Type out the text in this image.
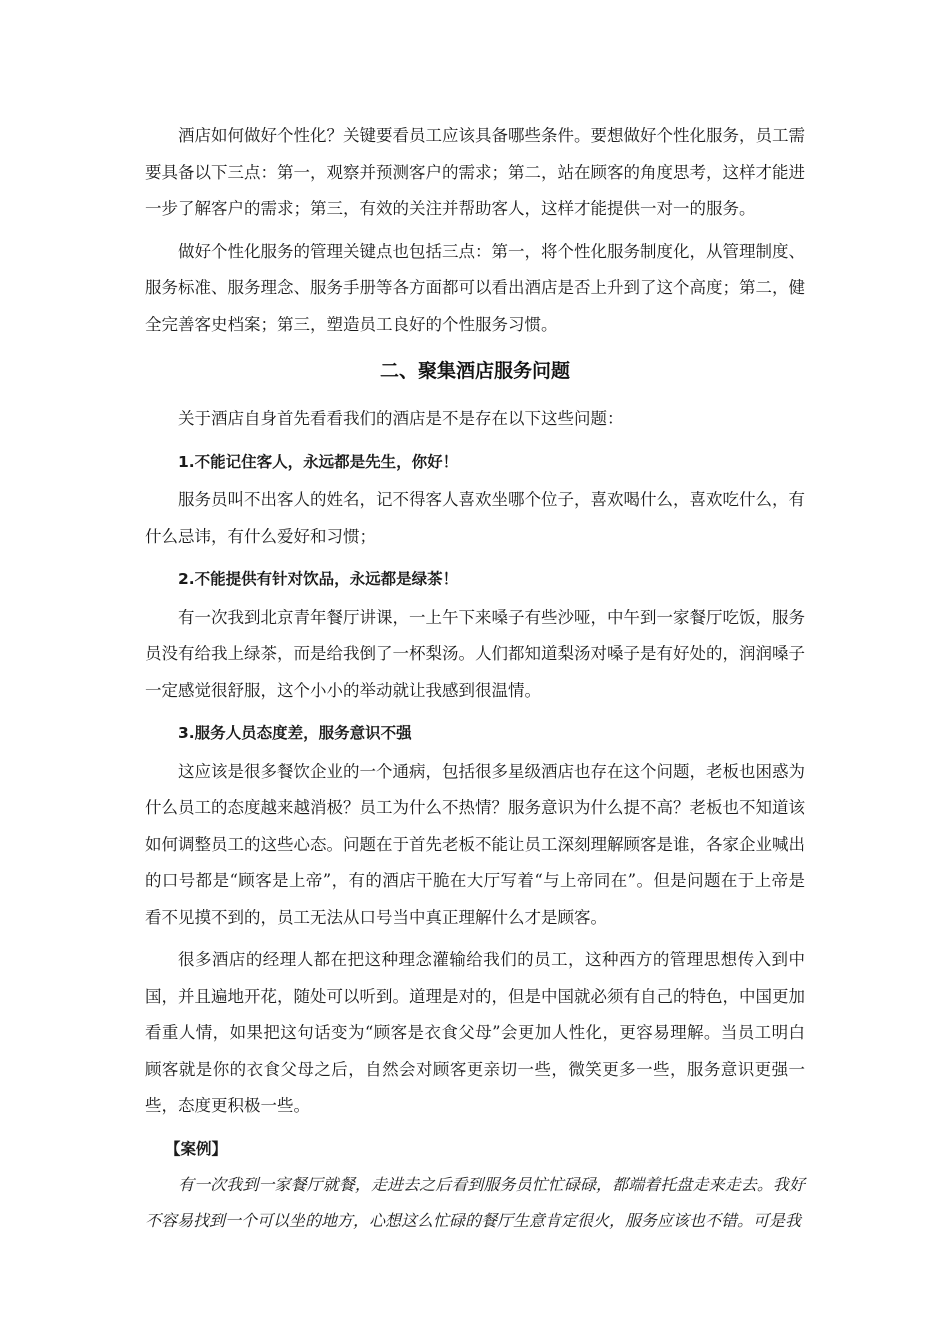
酒店如何做好个性化？关键要看员工应该具备哪些条件。要想做好个性化服务，员工需要具备以下三点：第一，观察并预测客户的需求；第二，站在顾客的角度思考，这样才能进一步了解客户的需求；第三，有效的关注并帮助客人，这样才能提供一对一的服务。

做好个性化服务的管理关键点也包括三点：第一，将个性化服务制度化，从管理制度、服务标准、服务理念、服务手册等各方面都可以看出酒店是否上升到了这个高度；第二，健全完善客史档案；第三，塑造员工良好的个性服务习惯。

二、聚集酒店服务问题

关于酒店自身首先看看我们的酒店是不是存在以下这些问题：

1.不能记住客人，永远都是先生，你好！

服务员叫不出客人的姓名，记不得客人喜欢坐哪个位子，喜欢喝什么，喜欢吃什么，有什么忌讳，有什么爱好和习惯；

2.不能提供有针对饮品，永远都是绿茶！

有一次我到北京青年餐厅讲课，一上午下来嗓子有些沙哑，中午到一家餐厅吃饭，服务员没有给我上绿茶，而是给我倒了一杯梨汤。人们都知道梨汤对嗓子是有好处的，润润嗓子一定感觉很舒服，这个小小的举动就让我感到很温情。

3.服务人员态度差，服务意识不强

这应该是很多餐饮企业的一个通病，包括很多星级酒店也存在这个问题，老板也困惑为什么员工的态度越来越消极？员工为什么不热情？服务意识为什么提不高？老板也不知道该如何调整员工的这些心态。问题在于首先老板不能让员工深刻理解顾客是谁，各家企业喊出的口号都是“顾客是上帝”，有的酒店干脆在大厅写着“与上帝同在”。但是问题在于上帝是看不见摸不到的，员工无法从口号当中真正理解什么才是顾客。

很多酒店的经理人都在把这种理念灌输给我们的员工，这种西方的管理思想传入到中国，并且遍地开花，随处可以听到。道理是对的，但是中国就必须有自己的特色，中国更加看重人情，如果把这句话变为“顾客是衣食父母”会更加人性化，更容易理解。当员工明白顾客就是你的衣食父母之后，自然会对顾客更亲切一些，微笑更多一些，服务意识更强一些，态度更积极一些。

【案例】

有一次我到一家餐厅就餐，走进去之后看到服务员忙忙碌碌，都端着托盘走来走去。我好不容易找到一个可以坐的地方，心想这么忙碌的餐厅生意肯定很火，服务应该也不错。可是我
